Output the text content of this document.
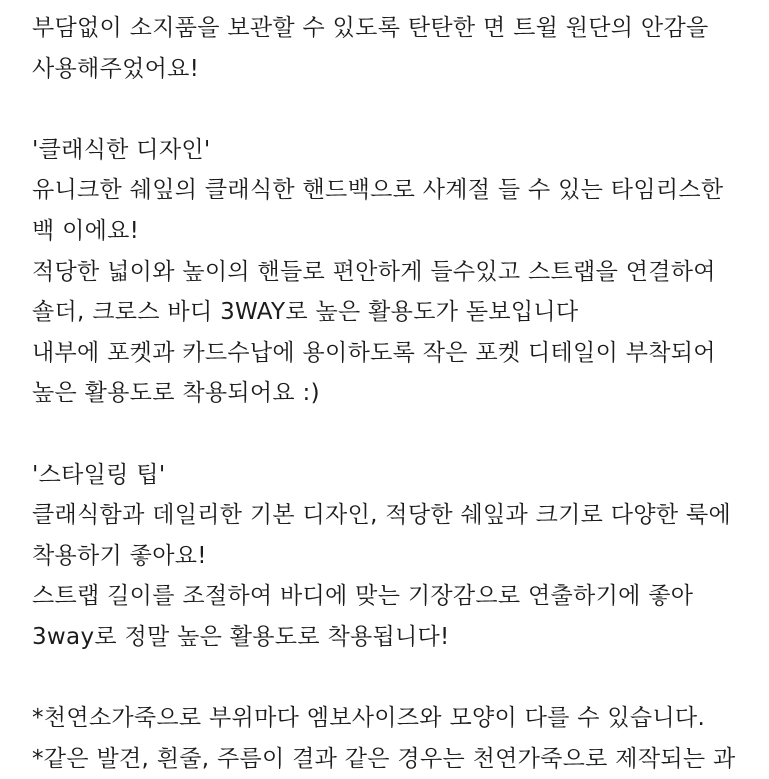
부담없이 소지품을 보관할 수 있도록 탄탄한 면 트윌 원단의 안감을
사용해주었어요!
'클래식한 디자인'
유니크한 쉐잎의 클래식한 핸드백으로 사계절 들 수 있는 타임리스한
백 이에요!
적당한 넓이와 높이의 핸들로 편안하게 들수있고 스트랩을 연결하여
숄더, 크로스 바디 3WAY로 높은 활용도가 돋보입니다
내부에 포켓과 카드수납에 용이하도록 작은 포켓 디테일이 부착되어
높은 활용도로 착용되어요 :)
'스타일링 팁'
클래식함과 데일리한 기본 디자인, 적당한 쉐잎과 크기로 다양한 룩에
착용하기 좋아요!
스트랩 길이를 조절하여 바디에 맞는 기장감으로 연출하기에 좋아
3way로 정말 높은 활용도로 착용됩니다!
*천연소가죽으로 부위마다 엠보사이즈와 모양이 다를 수 있습니다.
*같은 발견, 흰줄, 주름이 결과 같은 경우는 천연가죽으로 제작되는 과
